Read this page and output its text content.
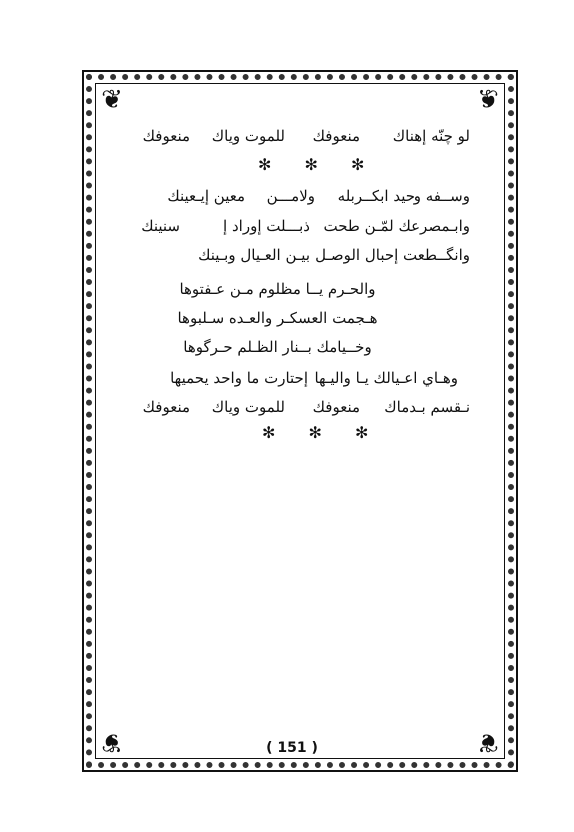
❦	❦
❦	❦
لو چنّه إهناك
منعوفك
للموت وياك
منعوفك
✻ ✻ ✻
وســفه و
حيد ابكــربله
ولامـــن
معين إيـعينك
وابـمصرعك لمّـن طحت
ذبـــلت إوراد إ
سنينك
وانگــطعت إحبال الوصـل
بيـن العـيال وبـينك
والحـرم يــا مظلوم مـن عـفتوها
هـجمت العسكـر والعـده سـلبوها
وخــيامك بــنار الظـلم حـرگوها
وهـاي اعـيالك يـا واليـها
إحتارت ما واحد يحميها
نـقسم بـدماك
منعوفك
للموت وياك
منعوفك
✻ ✻ ✻
( 151 )
